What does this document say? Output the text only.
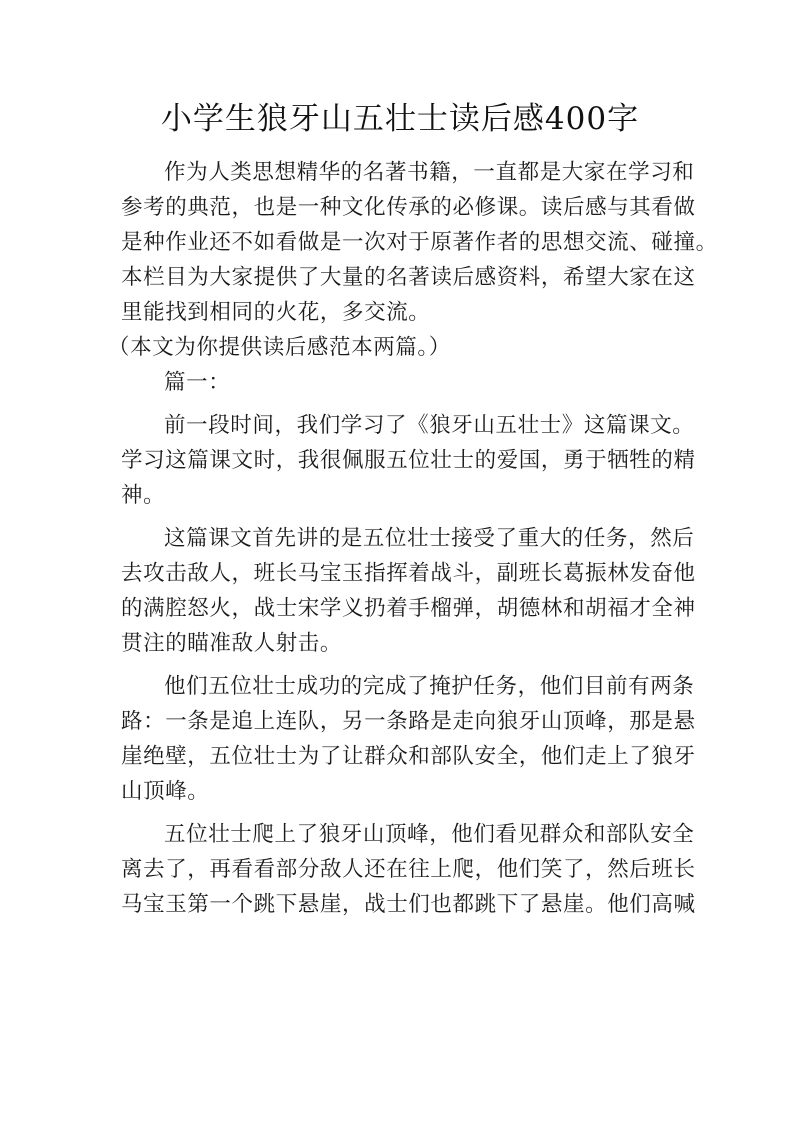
小学生狼牙山五壮士读后感400字
作为人类思想精华的名著书籍，一直都是大家在学习和
参考的典范，也是一种文化传承的必修课。读后感与其看做
是种作业还不如看做是一次对于原著作者的思想交流、碰撞。
本栏目为大家提供了大量的名著读后感资料，希望大家在这
里能找到相同的火花，多交流。
（本文为你提供读后感范本两篇。）
篇一：
前一段时间，我们学习了《狼牙山五壮士》这篇课文。
学习这篇课文时，我很佩服五位壮士的爱国，勇于牺牲的精
神。
这篇课文首先讲的是五位壮士接受了重大的任务，然后
去攻击敌人，班长马宝玉指挥着战斗，副班长葛振林发奋他
的满腔怒火，战士宋学义扔着手榴弹，胡德林和胡福才全神
贯注的瞄准敌人射击。
他们五位壮士成功的完成了掩护任务，他们目前有两条
路：一条是追上连队，另一条路是走向狼牙山顶峰，那是悬
崖绝壁，五位壮士为了让群众和部队安全，他们走上了狼牙
山顶峰。
五位壮士爬上了狼牙山顶峰，他们看见群众和部队安全
离去了，再看看部分敌人还在往上爬，他们笑了，然后班长
马宝玉第一个跳下悬崖，战士们也都跳下了悬崖。他们高喊
